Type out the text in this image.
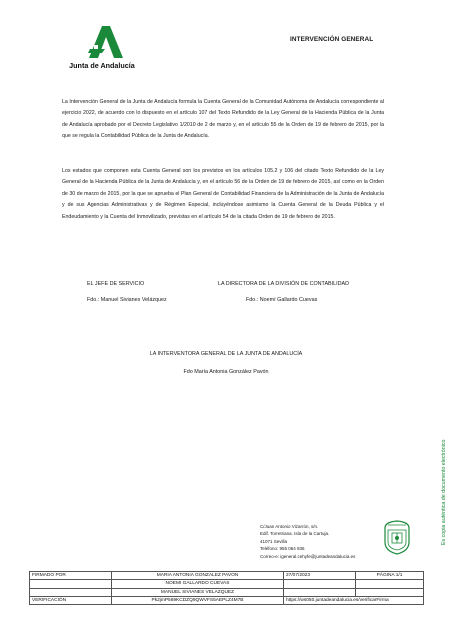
Junta de Andalucía
INTERVENCIÓN GENERAL
La Intervención General de la Junta de Andalucía formula la Cuenta General de la Comunidad Autónoma de Andalucía correspondiente al ejercicio 2022, de acuerdo con lo dispuesto en el artículo 107 del Texto Refundido de la Ley General de la Hacienda Pública de la Junta de Andalucía aprobado por el Decreto Legislativo 1/2010 de 2 de marzo y, en el artículo 55 de la Orden de 19 de febrero de 2015, por la que se regula la Contabilidad Pública de la Junta de Andalucía.
Los estados que componen esta Cuenta General son los previstos en los artículos 105.2 y 106 del citado Texto Refundido de la Ley General de la Hacienda Pública de la Junta de Andalucía y, en el artículo 56 de la Orden de 19 de febrero de 2015, así como en la Orden de 30 de marzo de 2015, por la que se aprueba el Plan General de Contabilidad Financiera de la Administración de la Junta de Andalucía y de sus Agencias Administrativas y de Régimen Especial, incluyéndose asimismo la Cuenta General de la Deuda Pública y el Endeudamiento y la Cuenta del Inmovilizado, previstas en el artículo 54 de la citada Orden de 19 de febrero de 2015.
EL JEFE DE SERVICIO
Fdo.: Manuel Sivianes Velázquez
LA DIRECTORA DE LA DIVISIÓN DE CONTABILIDAD
Fdo.: Noemí Gallardo Cuevas
LA INTERVENTORA GENERAL DE LA JUNTA DE ANDALUCÍA
Fdo María Antonia González Pavón
C/Juan Antonio Vizarrón, s/n.
Edif. Torretriana. Isla de la Cartuja.
41071 Sevilla
Teléfono: 955 064 936
Correo-e: igeneral.cehyfe@juntadeandalucia.es
Es copia auténtica de documento electrónico
FIRMADO POR	MARIA ANTONIA GONZALEZ PAVON	27/07/2023	PÁGINA 1/1
	NOEMI GALLARDO CUEVAS		
	MANUEL SIVIANES VELAZQUEZ		
VERIFICACIÓN	Pk2jmP569KCDZQ9QWVFS5AEPLZ4M7B	https://ws050.juntadeandalucia.es/verificarFirma	
